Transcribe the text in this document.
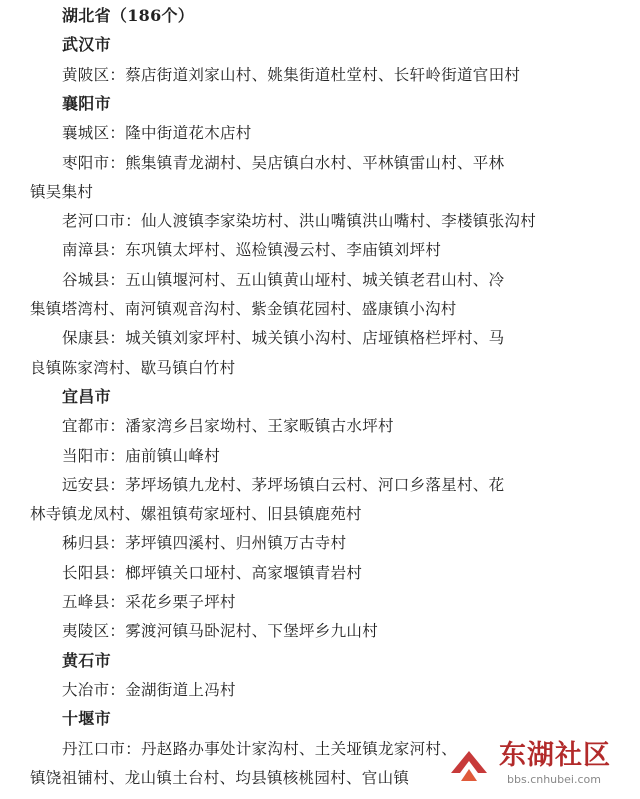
湖北省（186个）
武汉市
黄陂区：蔡店街道刘家山村、姚集街道杜堂村、长轩岭街道官田村
襄阳市
襄城区：隆中街道花木店村
枣阳市：熊集镇青龙湖村、吴店镇白水村、平林镇雷山村、平林
镇吴集村
老河口市：仙人渡镇李家染坊村、洪山嘴镇洪山嘴村、李楼镇张沟村
南漳县：东巩镇太坪村、巡检镇漫云村、李庙镇刘坪村
谷城县：五山镇堰河村、五山镇黄山垭村、城关镇老君山村、冷
集镇塔湾村、南河镇观音沟村、紫金镇花园村、盛康镇小沟村
保康县：城关镇刘家坪村、城关镇小沟村、店垭镇格栏坪村、马
良镇陈家湾村、歇马镇白竹村
宜昌市
宜都市：潘家湾乡吕家坳村、王家畈镇古水坪村
当阳市：庙前镇山峰村
远安县：茅坪场镇九龙村、茅坪场镇白云村、河口乡落星村、花
林寺镇龙凤村、嫘祖镇苟家垭村、旧县镇鹿苑村
秭归县：茅坪镇四溪村、归州镇万古寺村
长阳县：榔坪镇关口垭村、高家堰镇青岩村
五峰县：采花乡栗子坪村
夷陵区：雾渡河镇马卧泥村、下堡坪乡九山村
黄石市
大冶市：金湖街道上冯村
十堰市
丹江口市：丹赵路办事处计家沟村、土关垭镇龙家河村、
镇饶祖铺村、龙山镇土台村、均县镇核桃园村、官山镇
东湖社区
bbs.cnhubei.com
